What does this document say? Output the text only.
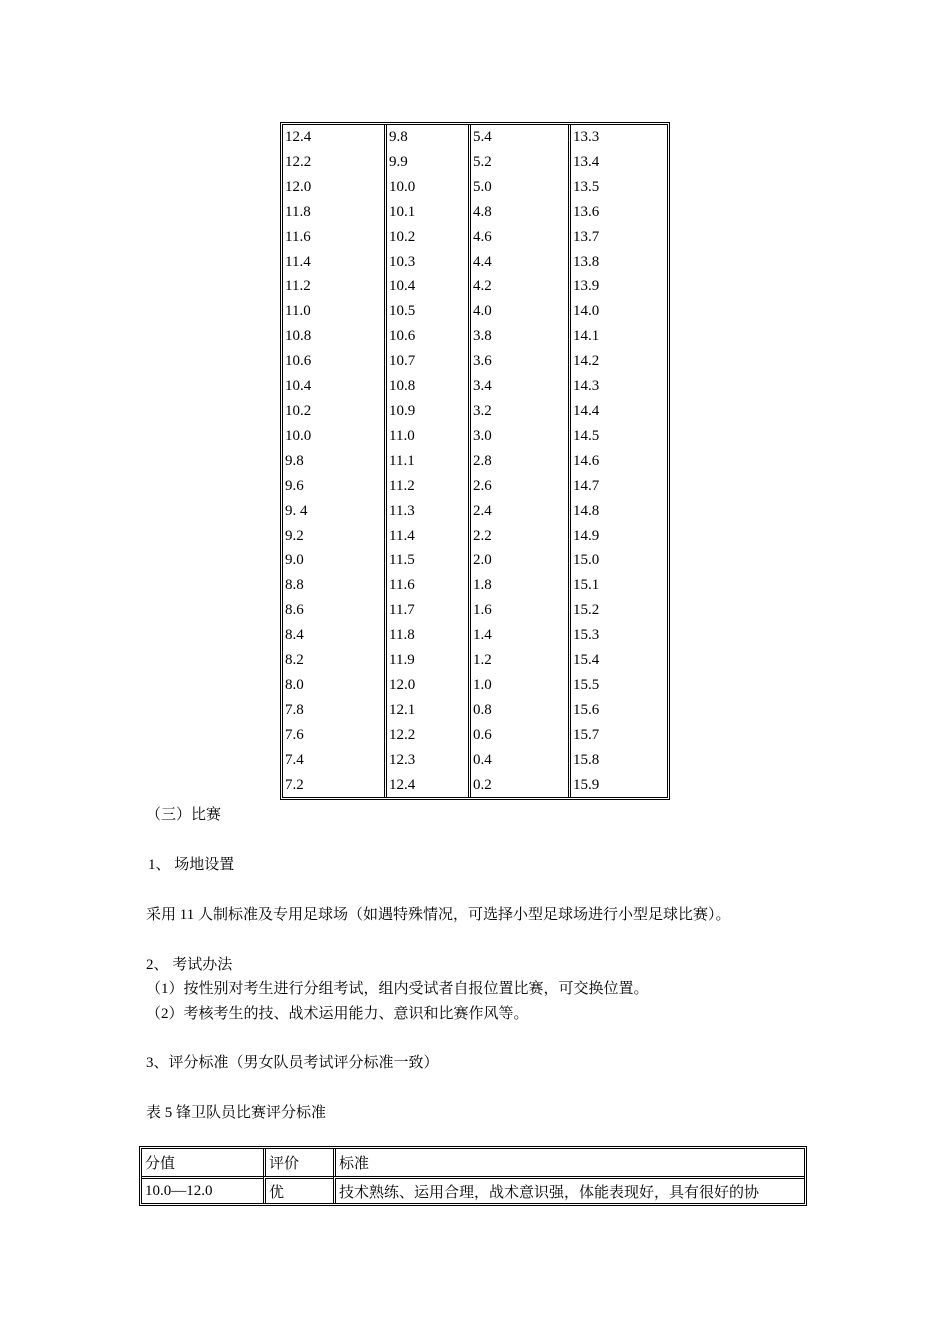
12.4	9.8	5.4	13.3
12.2	9.9	5.2	13.4
12.0	10.0	5.0	13.5
11.8	10.1	4.8	13.6
11.6	10.2	4.6	13.7
11.4	10.3	4.4	13.8
11.2	10.4	4.2	13.9
11.0	10.5	4.0	14.0
10.8	10.6	3.8	14.1
10.6	10.7	3.6	14.2
10.4	10.8	3.4	14.3
10.2	10.9	3.2	14.4
10.0	11.0	3.0	14.5
9.8	11.1	2.8	14.6
9.6	11.2	2.6	14.7
9. 4	11.3	2.4	14.8
9.2	11.4	2.2	14.9
9.0	11.5	2.0	15.0
8.8	11.6	1.8	15.1
8.6	11.7	1.6	15.2
8.4	11.8	1.4	15.3
8.2	11.9	1.2	15.4
8.0	12.0	1.0	15.5
7.8	12.1	0.8	15.6
7.6	12.2	0.6	15.7
7.4	12.3	0.4	15.8
7.2	12.4	0.2	15.9
（三）比赛
1、 场地设置
采用 11 人制标准及专用足球场（如遇特殊情况，可选择小型足球场进行小型足球比赛）。
2、 考试办法
（1）按性别对考生进行分组考试，组内受试者自报位置比赛，可交换位置。
（2）考核考生的技、战术运用能力、意识和比赛作风等。
3、评分标准（男女队员考试评分标准一致）
表 5 锋卫队员比赛评分标准
分值	评价	标准
10.0—12.0	优	技术熟练、运用合理，战术意识强，体能表现好，具有很好的协
